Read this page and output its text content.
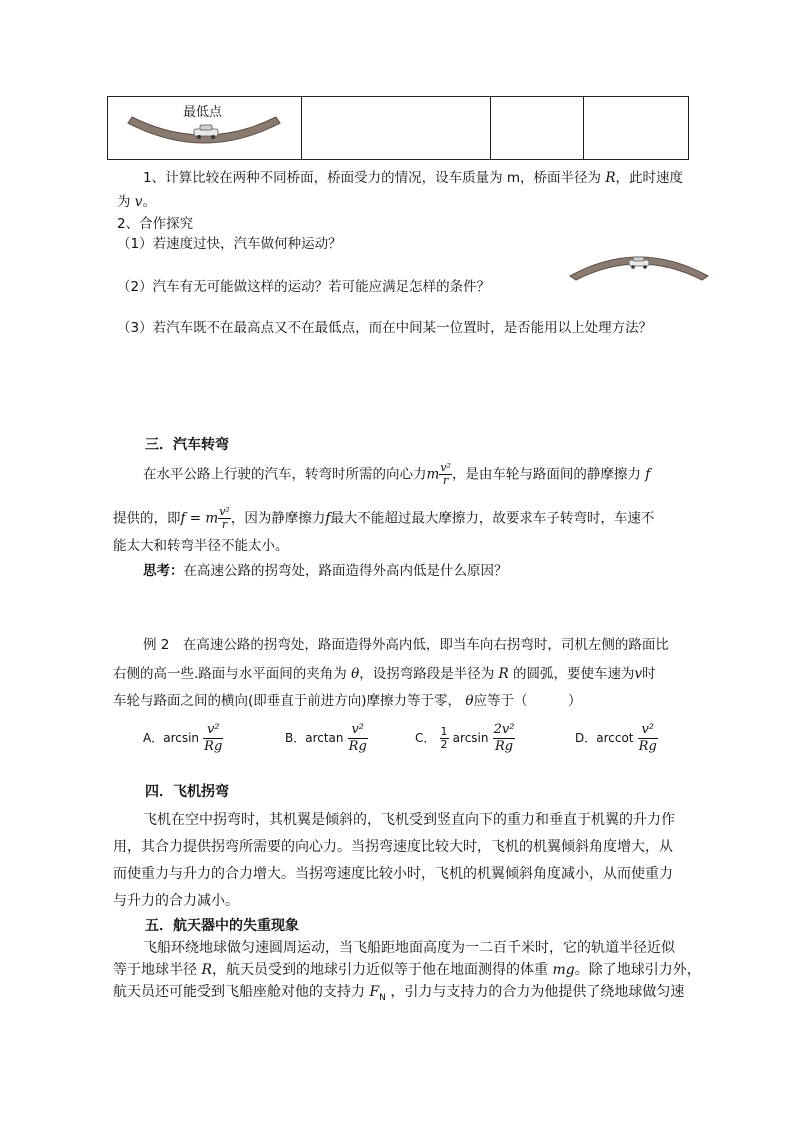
最低点

1、计算比较在两种不同桥面，桥面受力的情况，设车质量为 m，桥面半径为 R，此时速度
为 v。
2、合作探究
（1）若速度过快，汽车做何种运动？
（2）汽车有无可能做这样的运动？若可能应满足怎样的条件？
（3）若汽车既不在最高点又不在最低点，而在中间某一位置时，是否能用以上处理方法？
三．汽车转弯
在水平公路上行驶的汽车，转弯时所需的向心力m $\frac{\text{v²}}{r}$ ，是由车轮与路面间的静摩擦力 f
提供的，即f = m $\frac{\text{v²}}{r}$ ，因为静摩擦力f最大不能超过最大摩擦力，故要求车子转弯时，车速不
能太大和转弯半径不能太小。
思考：在高速公路的拐弯处，路面造得外高内低是什么原因？
例 2　在高速公路的拐弯处，路面造得外高内低，即当车向右拐弯时，司机左侧的路面比
右侧的高一些.路面与水平面间的夹角为 θ，设拐弯路段是半径为 R 的圆弧，要使车速为v时
车轮与路面之间的横向(即垂直于前进方向)摩擦力等于零， θ应等于（　　　）
A．$\arcsin \frac{\text{v²}}{Rg}$	B．$\arctan \frac{\text{v²}}{Rg}$	C． $\frac{1}{2}$ $\arcsin \frac{\text{2v²}}{Rg}$	D．arccot $\frac{\text{v²}}{Rg}$
四．飞机拐弯
飞机在空中拐弯时，其机翼是倾斜的，飞机受到竖直向下的重力和垂直于机翼的升力作
用，其合力提供拐弯所需要的向心力。当拐弯速度比较大时，飞机的机翼倾斜角度增大，从
而使重力与升力的合力增大。当拐弯速度比较小时，飞机的机翼倾斜角度减小，从而使重力
与升力的合力减小。
五．航天器中的失重现象
飞船环绕地球做匀速圆周运动，当飞船距地面高度为一二百千米时，它的轨道半径近似
等于地球半径 R，航天员受到的地球引力近似等于他在地面测得的体重 mg。除了地球引力外，
航天员还可能受到飞船座舱对他的支持力 $F_N$ ，引力与支持力的合力为他提供了绕地球做匀速
